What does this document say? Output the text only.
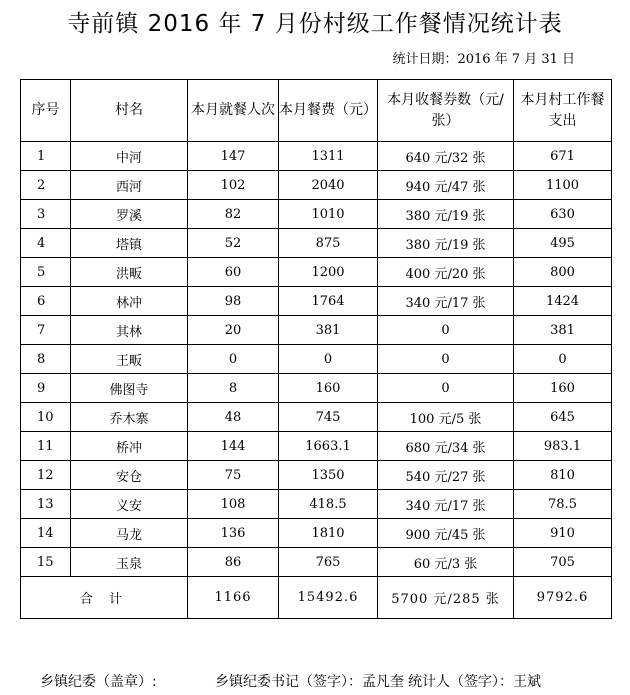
寺前镇 2016 年 7 月份村级工作餐情况统计表
统计日期：2016 年 7 月 31 日
序号	村名	本月就餐人次	本月餐费（元）	本月收餐券数（元/张）	本月村工作餐支出
1	中河	147	1311	640 元/32 张	671
2	西河	102	2040	940 元/47 张	1100
3	罗溪	82	1010	380 元/19 张	630
4	塔镇	52	875	380 元/19 张	495
5	洪畈	60	1200	400 元/20 张	800
6	林冲	98	1764	340 元/17 张	1424
7	其林	20	381	0	381
8	王畈	0	0	0	0
9	佛图寺	8	160	0	160
10	乔木寨	48	745	100 元/5 张	645
11	桥冲	144	1663.1	680 元/34 张	983.1
12	安仓	75	1350	540 元/27 张	810
13	义安	108	418.5	340 元/17 张	78.5
14	马龙	136	1810	900 元/45 张	910
15	玉泉	86	765	60 元/3 张	705
合 计		1166	15492.6	5700 元/285 张	9792.6
乡镇纪委（盖章）:	乡镇纪委书记（签字）：孟凡奎 统计人（签字）：王斌
